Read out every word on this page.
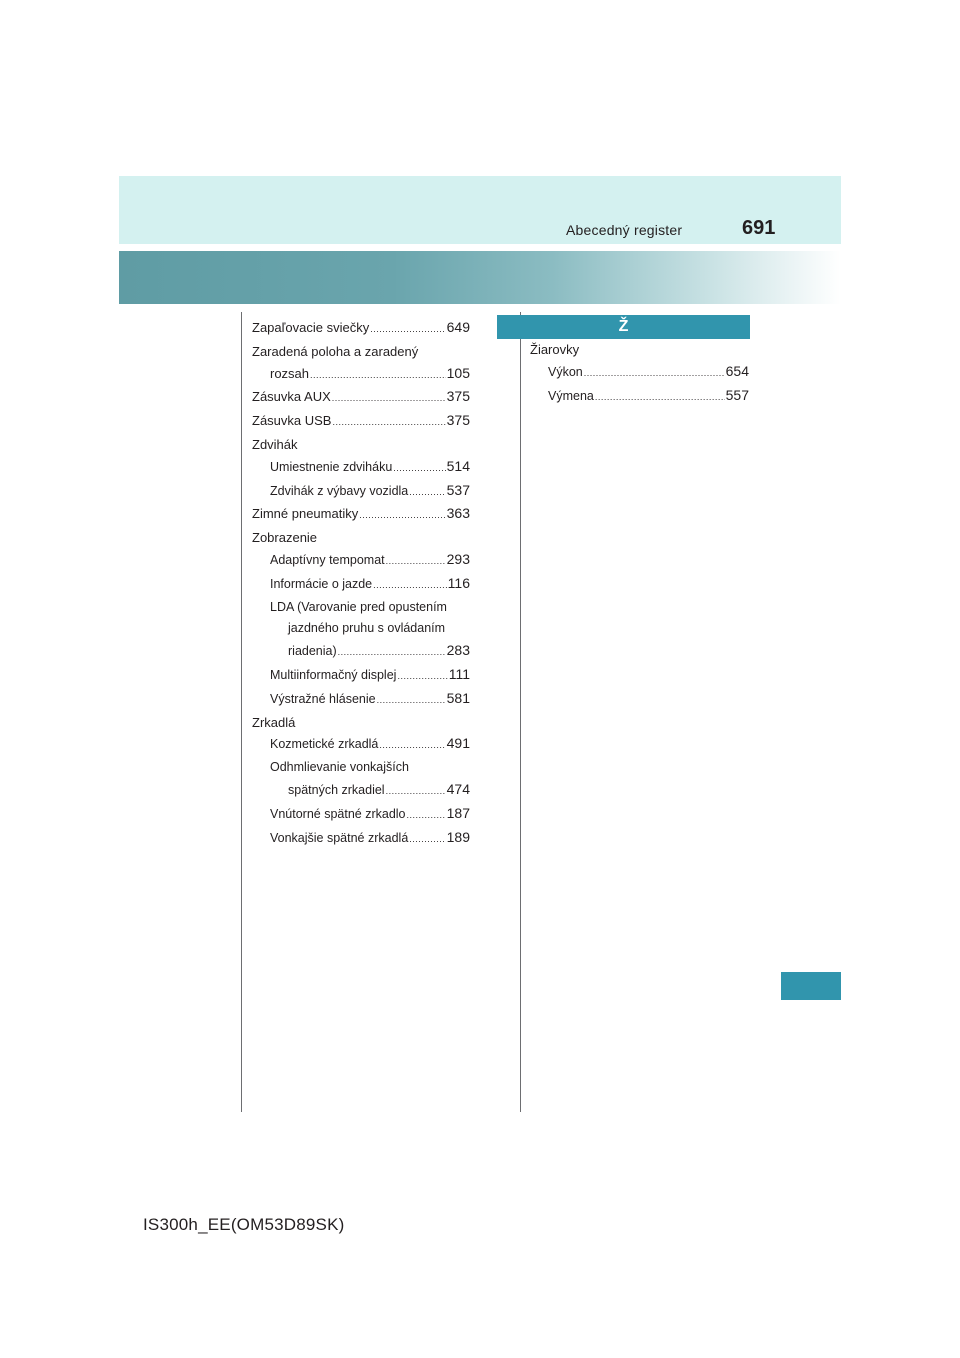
Abecedný register	691
Zapaľovacie sviečky .....	649
Zaradená poloha a zaradený
rozsah .....	105
Zásuvka AUX .....	375
Zásuvka USB .....	375
Zdvihák
Umiestnenie zdviháku .....	514
Zdvihák z výbavy vozidla .....	537
Zimné pneumatiky .....	363
Zobrazenie
Adaptívny tempomat .....	293
Informácie o jazde .....	116
LDA (Varovanie pred opustením
jazdného pruhu s ovládaním
riadenia) .....	283
Multiinformačný displej .....	111
Výstražné hlásenie .....	581
Zrkadlá
Kozmetické zrkadlá .....	491
Odhmlievanie vonkajších
spätných zrkadiel .....	474
Vnútorné spätné zrkadlo .....	187
Vonkajšie spätné zrkadlá .....	189
Ž
Žiarovky
Výkon .....	654
Výmena .....	557
IS300h_EE(OM53D89SK)
